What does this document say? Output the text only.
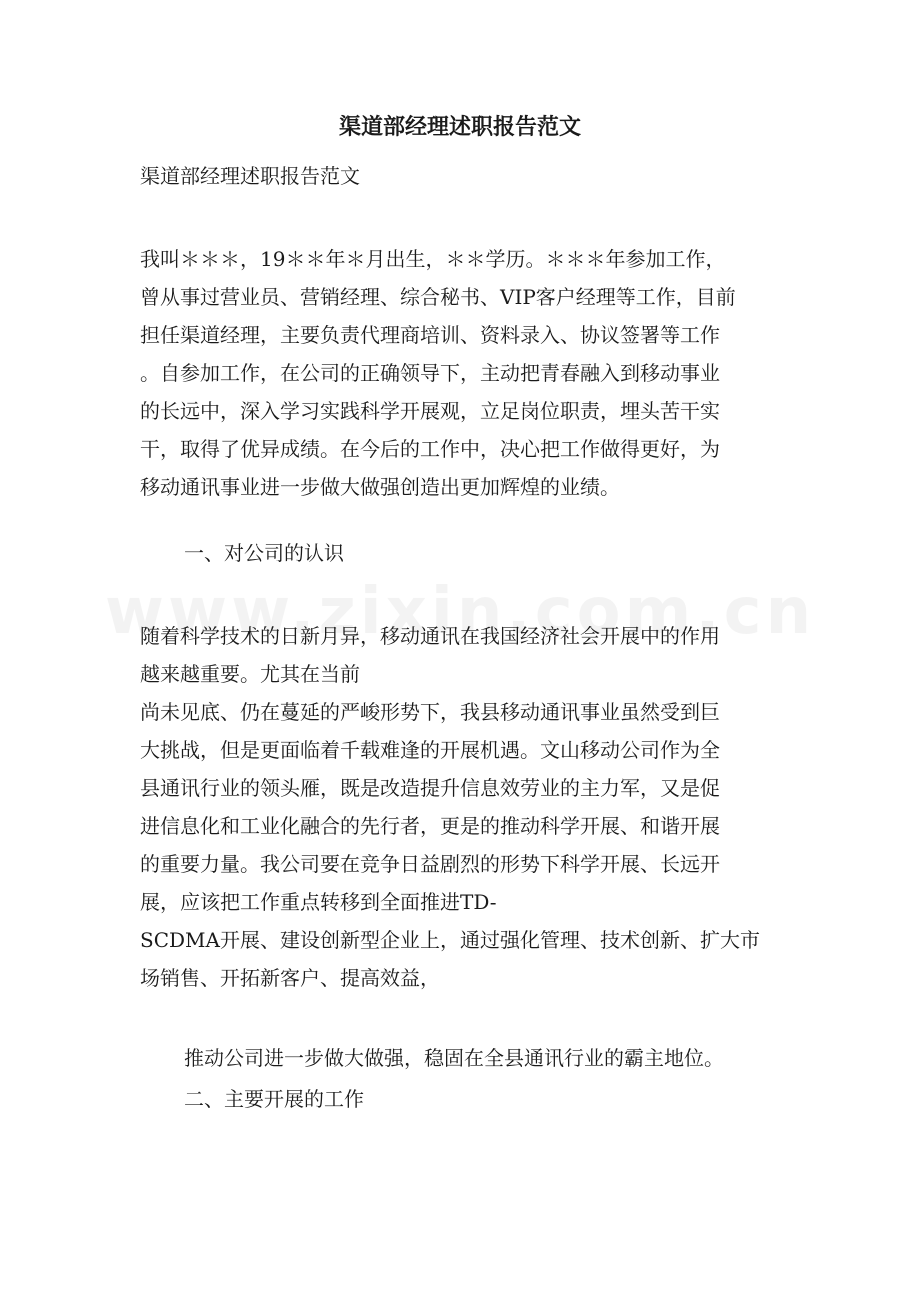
渠道部经理述职报告范文
渠道部经理述职报告范文
我叫＊＊＊，19＊＊年＊月出生，＊＊学历。＊＊＊年参加工作，
曾从事过营业员、营销经理、综合秘书、VIP客户经理等工作，目前
担任渠道经理，主要负责代理商培训、资料录入、协议签署等工作
。自参加工作，在公司的正确领导下，主动把青春融入到移动事业
的长远中，深入学习实践科学开展观，立足岗位职责，埋头苦干实
干，取得了优异成绩。在今后的工作中，决心把工作做得更好，为
移动通讯事业进一步做大做强创造出更加辉煌的业绩。
一、对公司的认识
随着科学技术的日新月异，移动通讯在我国经济社会开展中的作用
越来越重要。尤其在当前
尚未见底、仍在蔓延的严峻形势下，我县移动通讯事业虽然受到巨
大挑战，但是更面临着千载难逢的开展机遇。文山移动公司作为全
县通讯行业的领头雁，既是改造提升信息效劳业的主力军，又是促
进信息化和工业化融合的先行者，更是的推动科学开展、和谐开展
的重要力量。我公司要在竞争日益剧烈的形势下科学开展、长远开
展，应该把工作重点转移到全面推进TD-
SCDMA开展、建设创新型企业上，通过强化管理、技术创新、扩大市
场销售、开拓新客户、提高效益，
推动公司进一步做大做强，稳固在全县通讯行业的霸主地位。
二、主要开展的工作
